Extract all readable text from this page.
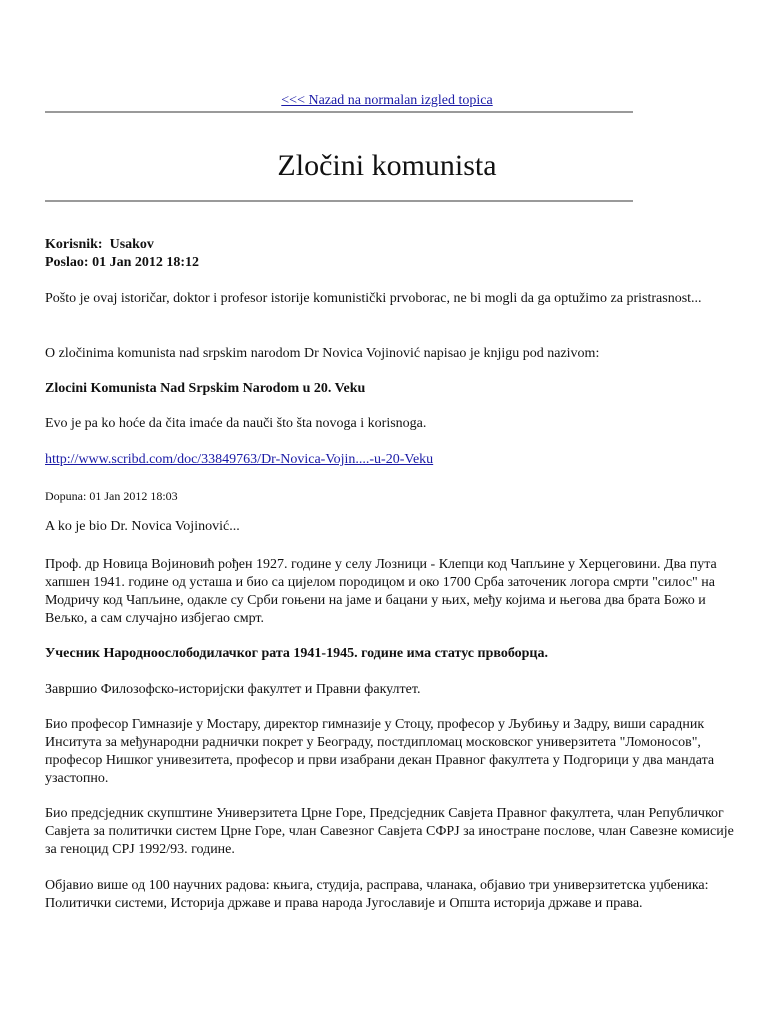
<<< Nazad na normalan izgled topica
Zločini komunista
Korisnik: Usakov
Poslao: 01 Jan 2012 18:12

Pošto je ovaj istoričar, doktor i profesor istorije komunistički prvoborac, ne bi mogli da ga optužimo za pristrasnost...

O zločinima komunista nad srpskim narodom Dr Novica Vojinović napisao je knjigu pod nazivom:

Zlocini Komunista Nad Srpskim Narodom u 20. Veku

Evo je pa ko hoće da čita imaće da nauči što šta novoga i korisnoga.

http://www.scribd.com/doc/33849763/Dr-Novica-Vojin....-u-20-Veku

Dopuna: 01 Jan 2012 18:03

A ko je bio Dr. Novica Vojinović...

Проф. др Новица Војиновић рођен 1927. године у селу Лозници - Клепци код Чапљине у Херцеговини. Два пута хапшен 1941. године од усташа и био са цијелом породицом и око 1700 Срба заточеник логора смрти "силос" на Модричу код Чапљине, одакле су Срби гоњени на јаме и бацани у њих, међу којима и његова два брата Божо и Вељко, а сам случајно избјегао смрт.

Учесник Народноослободилачког рата 1941-1945. године има статус првоборца.

Завршио Филозофско-историјски факултет и Правни факултет.

Био професор Гимназије у Мостару, директор гимназије у Стоцу, професор у Љубињу и Задру, виши сарадник Инситута за међународни раднички покрет у Београду, постдипломац московског универзитета "Ломоносов", професор Нишког унивезитета, професор и први изабрани декан Правног факултета у Подгорици у два мандата узастопно.

Био предсједник скупштине Универзитета Црне Горе, Предсједник Савјета Правног факултета, члан Републичког Савјета за политички систем Црне Горе, члан Савезног Савјета СФРЈ за иностране послове, члан Савезне комисије за геноцид СРЈ 1992/93. године.

Објавио више од 100 научних радова: књига, студија, расправа, чланака, објавио три универзитетска уџбеника: Политички системи, Историја државе и права народа Југославије и Општа историја државе и права.
